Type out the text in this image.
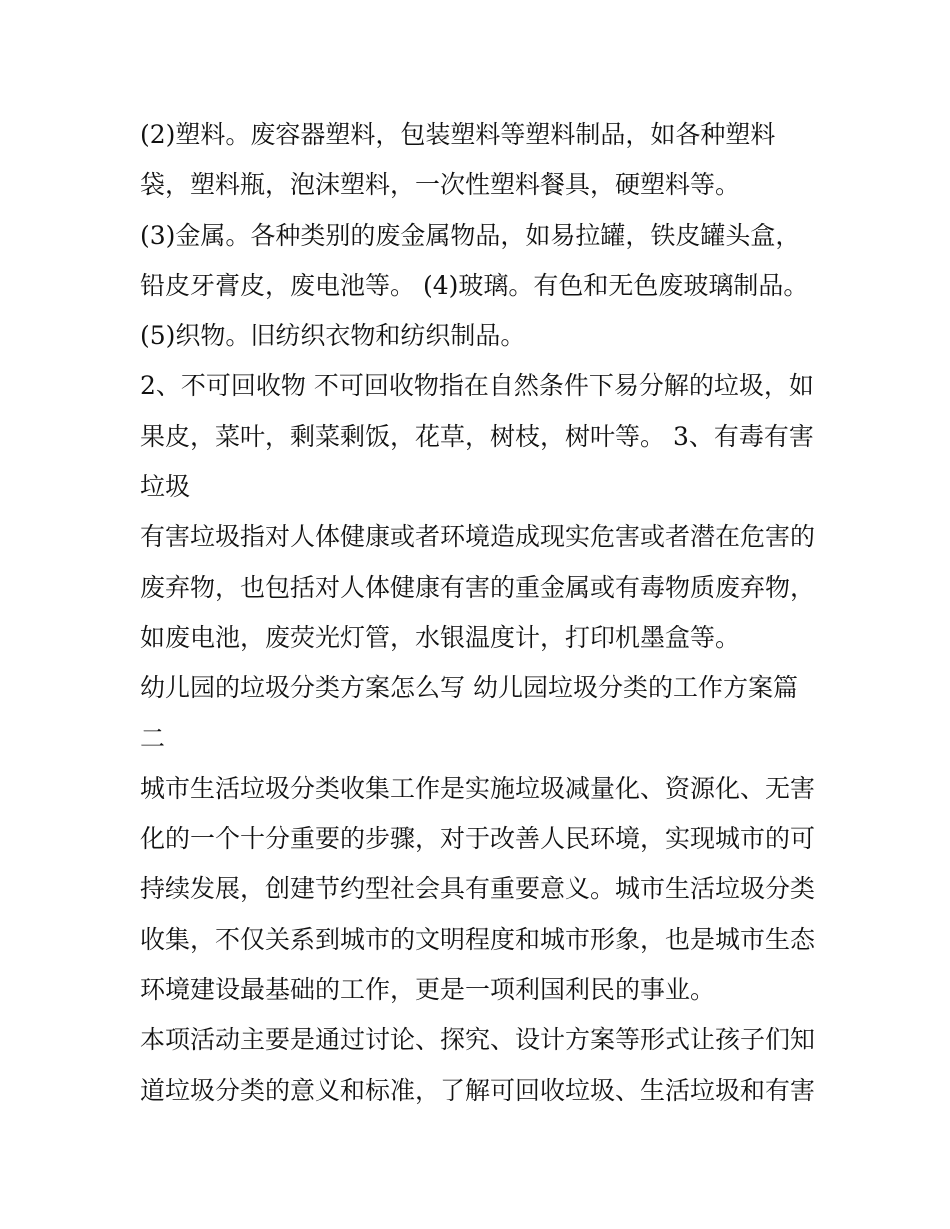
(2)塑料。废容器塑料，包装塑料等塑料制品，如各种塑料
袋，塑料瓶，泡沫塑料，一次性塑料餐具，硬塑料等。
(3)金属。各种类别的废金属物品，如易拉罐，铁皮罐头盒，
铅皮牙膏皮，废电池等。 (4)玻璃。有色和无色废玻璃制品。
(5)织物。旧纺织衣物和纺织制品。
2、不可回收物 不可回收物指在自然条件下易分解的垃圾，如
果皮，菜叶，剩菜剩饭，花草，树枝，树叶等。 3、有毒有害
垃圾
有害垃圾指对人体健康或者环境造成现实危害或者潜在危害的
废弃物，也包括对人体健康有害的重金属或有毒物质废弃物，
如废电池，废荧光灯管，水银温度计，打印机墨盒等。
幼儿园的垃圾分类方案怎么写 幼儿园垃圾分类的工作方案篇
二
城市生活垃圾分类收集工作是实施垃圾减量化、资源化、无害
化的一个十分重要的步骤，对于改善人民环境，实现城市的可
持续发展，创建节约型社会具有重要意义。城市生活垃圾分类
收集，不仅关系到城市的文明程度和城市形象，也是城市生态
环境建设最基础的工作，更是一项利国利民的事业。
本项活动主要是通过讨论、探究、设计方案等形式让孩子们知
道垃圾分类的意义和标准，了解可回收垃圾、生活垃圾和有害
